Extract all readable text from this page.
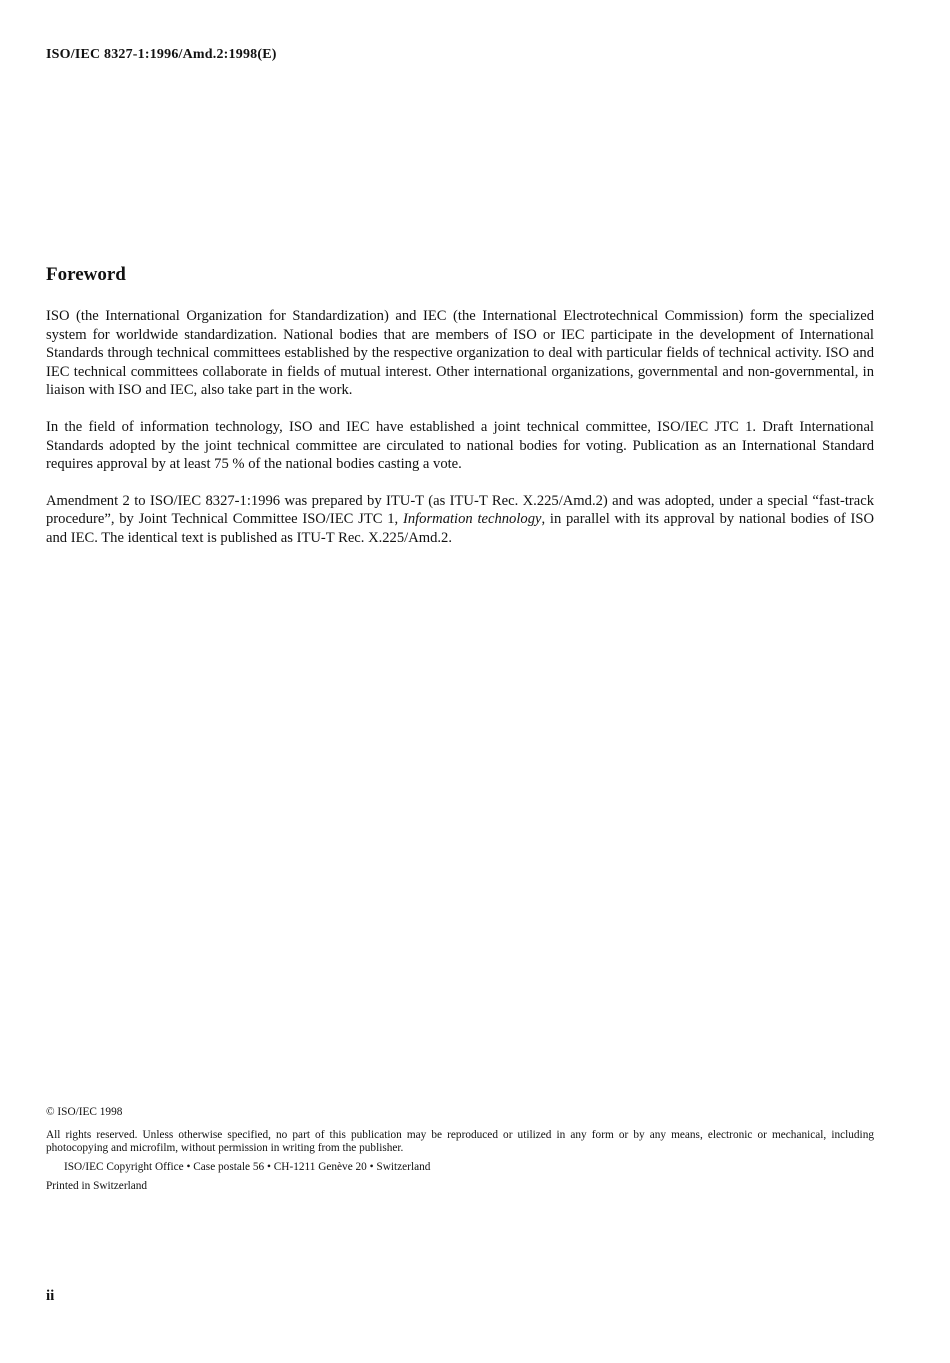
ISO/IEC 8327-1:1996/Amd.2:1998(E)
Foreword

ISO (the International Organization for Standardization) and IEC (the International Electrotechnical Commission) form the specialized system for worldwide standardization. National bodies that are members of ISO or IEC participate in the development of International Standards through technical committees established by the respective organization to deal with particular fields of technical activity. ISO and IEC technical committees collaborate in fields of mutual interest. Other international organizations, governmental and non-governmental, in liaison with ISO and IEC, also take part in the work.

In the field of information technology, ISO and IEC have established a joint technical committee, ISO/IEC JTC 1. Draft International Standards adopted by the joint technical committee are circulated to national bodies for voting. Publication as an International Standard requires approval by at least 75 % of the national bodies casting a vote.

Amendment 2 to ISO/IEC 8327-1:1996 was prepared by ITU-T (as ITU-T Rec. X.225/Amd.2) and was adopted, under a special “fast-track procedure”, by Joint Technical Committee ISO/IEC JTC 1, Information technology, in parallel with its approval by national bodies of ISO and IEC. The identical text is published as ITU-T Rec. X.225/Amd.2.

© ISO/IEC 1998

All rights reserved. Unless otherwise specified, no part of this publication may be reproduced or utilized in any form or by any means, electronic or mechanical, including photocopying and microfilm, without permission in writing from the publisher.

ISO/IEC Copyright Office • Case postale 56 • CH-1211 Genève 20 • Switzerland

Printed in Switzerland

ii
